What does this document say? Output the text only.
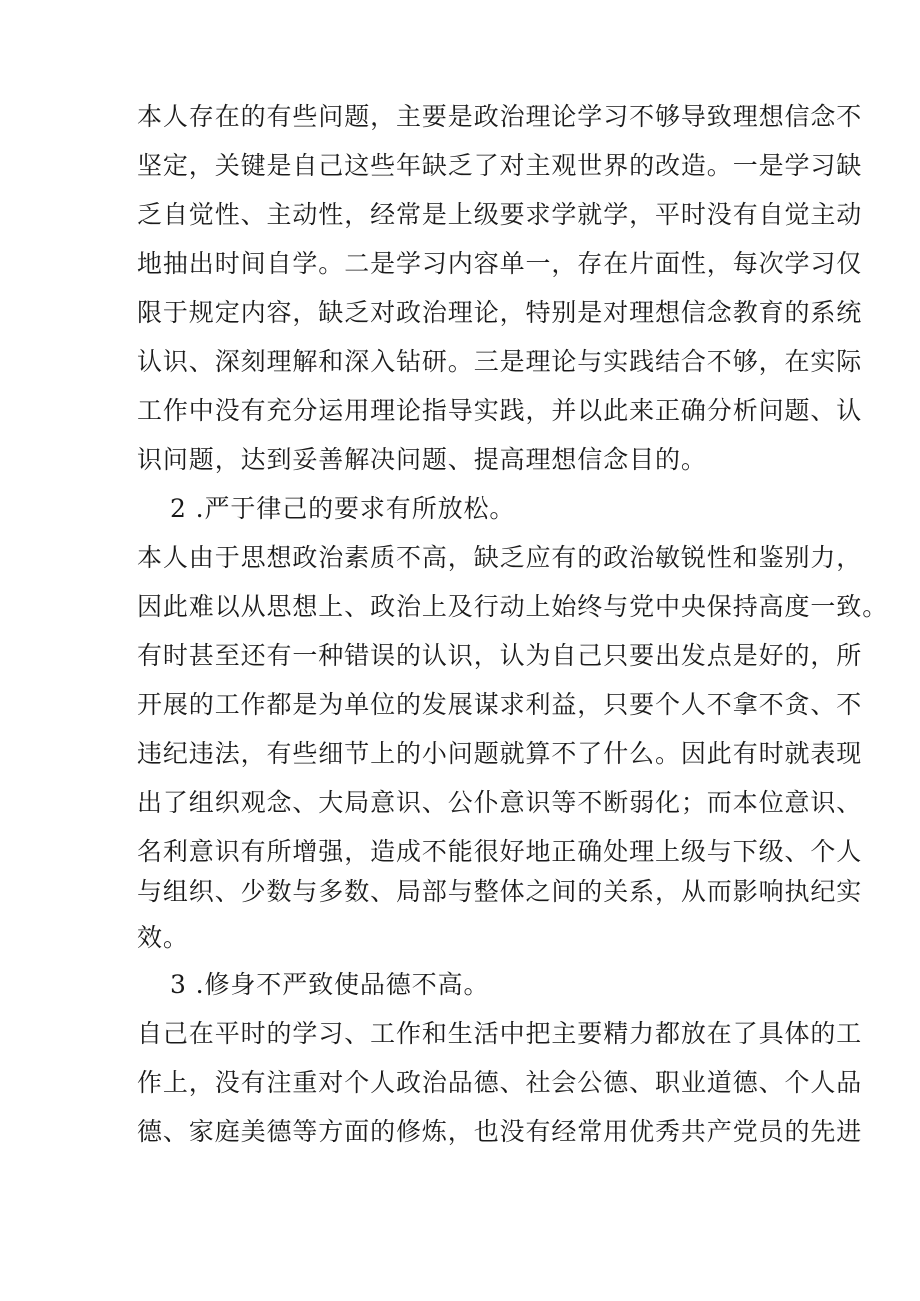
本人存在的有些问题，主要是政治理论学习不够导致理想信念不
坚定，关键是自己这些年缺乏了对主观世界的改造。一是学习缺
乏自觉性、主动性，经常是上级要求学就学，平时没有自觉主动
地抽出时间自学。二是学习内容单一，存在片面性，每次学习仅
限于规定内容，缺乏对政治理论，特别是对理想信念教育的系统
认识、深刻理解和深入钻研。三是理论与实践结合不够，在实际
工作中没有充分运用理论指导实践，并以此来正确分析问题、认
识问题，达到妥善解决问题、提高理想信念目的。
2 .严于律己的要求有所放松。
本人由于思想政治素质不高，缺乏应有的政治敏锐性和鉴别力，
因此难以从思想上、政治上及行动上始终与党中央保持高度一致。
有时甚至还有一种错误的认识，认为自己只要出发点是好的，所
开展的工作都是为单位的发展谋求利益，只要个人不拿不贪、不
违纪违法，有些细节上的小问题就算不了什么。因此有时就表现
出了组织观念、大局意识、公仆意识等不断弱化；而本位意识、
名利意识有所增强，造成不能很好地正确处理上级与下级、个人
与组织、少数与多数、局部与整体之间的关系，从而影响执纪实
效。
3 .修身不严致使品德不高。
自己在平时的学习、工作和生活中把主要精力都放在了具体的工
作上，没有注重对个人政治品德、社会公德、职业道德、个人品
德、家庭美德等方面的修炼，也没有经常用优秀共产党员的先进
